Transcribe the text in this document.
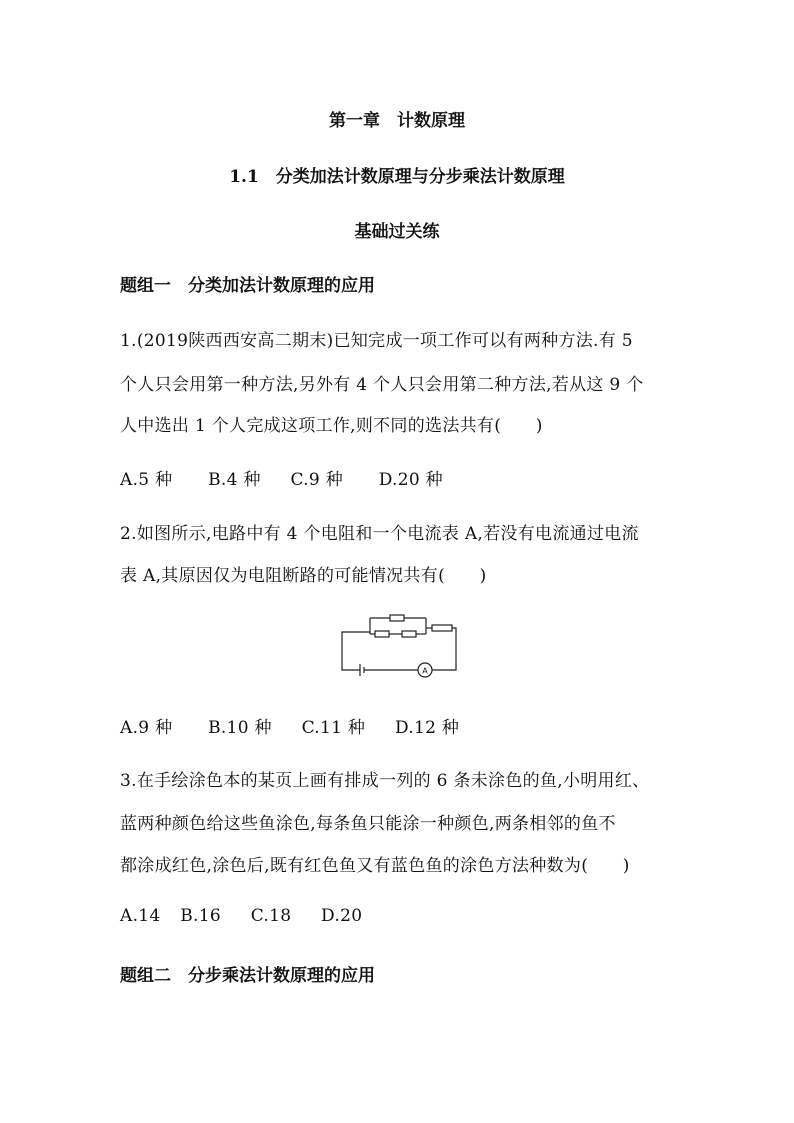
第一章　计数原理
1.1　分类加法计数原理与分步乘法计数原理
基础过关练
题组一　分类加法计数原理的应用
1.(2019陕西西安高二期末)已知完成一项工作可以有两种方法.有 5
个人只会用第一种方法,另外有 4 个人只会用第二种方法,若从这 9 个
人中选出 1 个人完成这项工作,则不同的选法共有(　　)
A.5 种 B.4 种 C.9 种 D.20 种
2.如图所示,电路中有 4 个电阻和一个电流表 A,若没有电流通过电流
表 A,其原因仅为电阻断路的可能情况共有(　　)
A
A.9 种 B.10 种 C.11 种 D.12 种
3.在手绘涂色本的某页上画有排成一列的 6 条未涂色的鱼,小明用红、
蓝两种颜色给这些鱼涂色,每条鱼只能涂一种颜色,两条相邻的鱼不
都涂成红色,涂色后,既有红色鱼又有蓝色鱼的涂色方法种数为(　　)
A.14 B.16 C.18 D.20
题组二　分步乘法计数原理的应用
